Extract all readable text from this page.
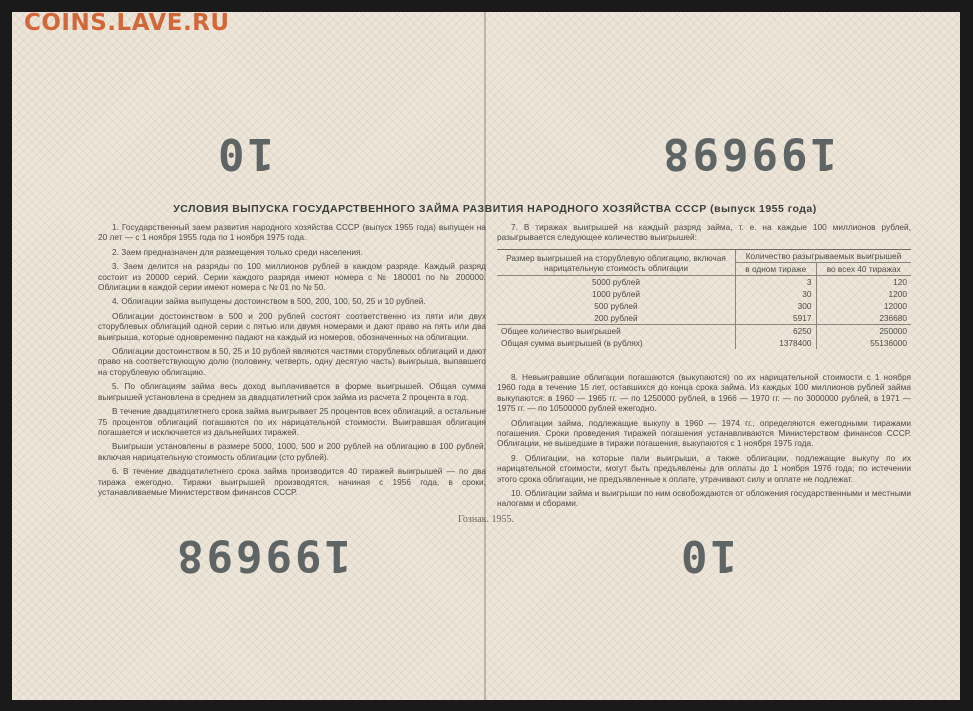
COINS.LAVE.RU
10	199698
199698	10
УСЛОВИЯ ВЫПУСКА ГОСУДАРСТВЕННОГО ЗАЙМА РАЗВИТИЯ НАРОДНОГО ХОЗЯЙСТВА СССР (выпуск 1955 года)

1. Государственный заем развития народного хозяйства СССР (выпуск 1955 года) выпущен на 20 лет — с 1 ноября 1955 года по 1 ноября 1975 года.

2. Заем предназначен для размещения только среди населения.

3. Заем делится на разряды по 100 миллионов рублей в каждом разряде. Каждый разряд состоит из 20000 серий. Серии каждого разряда имеют номера с № 180001 по № 200000. Облигации в каждой серии имеют номера с № 01 по № 50.

4. Облигации займа выпущены достоинством в 500, 200, 100, 50, 25 и 10 рублей.

Облигации достоинством в 500 и 200 рублей состоят соответственно из пяти или двух сторублевых облигаций одной серии с пятью или двумя номерами и дают право на пять или два выигрыша, которые одновременно падают на каждый из номеров, обозначенных на облигации.

Облигации достоинством в 50, 25 и 10 рублей являются частями сторублевых облигаций и дают право на соответствующую долю (половину, четверть, одну десятую часть) выигрыша, выпавшего на сторублевую облигацию.

5. По облигациям займа весь доход выплачивается в форме выигрышей. Общая сумма выигрышей установлена в среднем за двадцатилетний срок займа из расчета 2 процента в год.

В течение двадцатилетнего срока займа выигрывает 25 процентов всех облигаций, а остальные 75 процентов облигаций погашаются по их нарицательной стоимости. Выигравшая облигация погашается и исключается из дальнейших тиражей.

Выигрыши установлены в размере 5000, 1000, 500 и 200 рублей на облигацию в 100 рублей, включая нарицательную стоимость облигации (сто рублей).

6. В течение двадцатилетнего срока займа производится 40 тиражей выигрышей — по два тиража ежегодно. Тиражи выигрышей производятся, начиная с 1956 года, в сроки, устанавливаемые Министерством финансов СССР.

7. В тиражах выигрышей на каждый разряд займа, т. е. на каждые 100 миллионов рублей, разыгрывается следующее количество выигрышей:

Размер выигрышей на сторублевую облигацию, включая нарицательную стоимость облигации	Количество разыгрываемых выигрышей	
	в одном тираже	во всех 40 тиражах
5000 рублей	3	120
1000 рублей	30	1200
500 рублей	300	12000
200 рублей	5917	236680
Общее количество выигрышей	6250	250000
Общая сумма выигрышей (в рублях)	1378400	55136000

8. Невыигравшие облигации погашаются (выкупаются) по их нарицательной стоимости с 1 ноября 1960 года в течение 15 лет, оставшихся до конца срока займа. Из каждых 100 миллионов рублей займа выкупаются: в 1960 — 1965 гг. — по 1250000 рублей, в 1966 — 1970 гг. — по 3000000 рублей, в 1971 — 1975 гг. — по 10500000 рублей ежегодно.

Облигации займа, подлежащие выкупу в 1960 — 1974 гг., определяются ежегодными тиражами погашения. Сроки проведения тиражей погашения устанавливаются Министерством финансов СССР. Облигации, не вышедшие в тиражи погашения, выкупаются с 1 ноября 1975 года.

9. Облигации, на которые пали выигрыши, а также облигации, подлежащие выкупу по их нарицательной стоимости, могут быть предъявлены для оплаты до 1 ноября 1976 года; по истечении этого срока облигации, не предъявленные к оплате, утрачивают силу и оплате не подлежат.

10. Облигации займа и выигрыши по ним освобождаются от обложения государственными и местными налогами и сборами.

Гознак. 1955.
